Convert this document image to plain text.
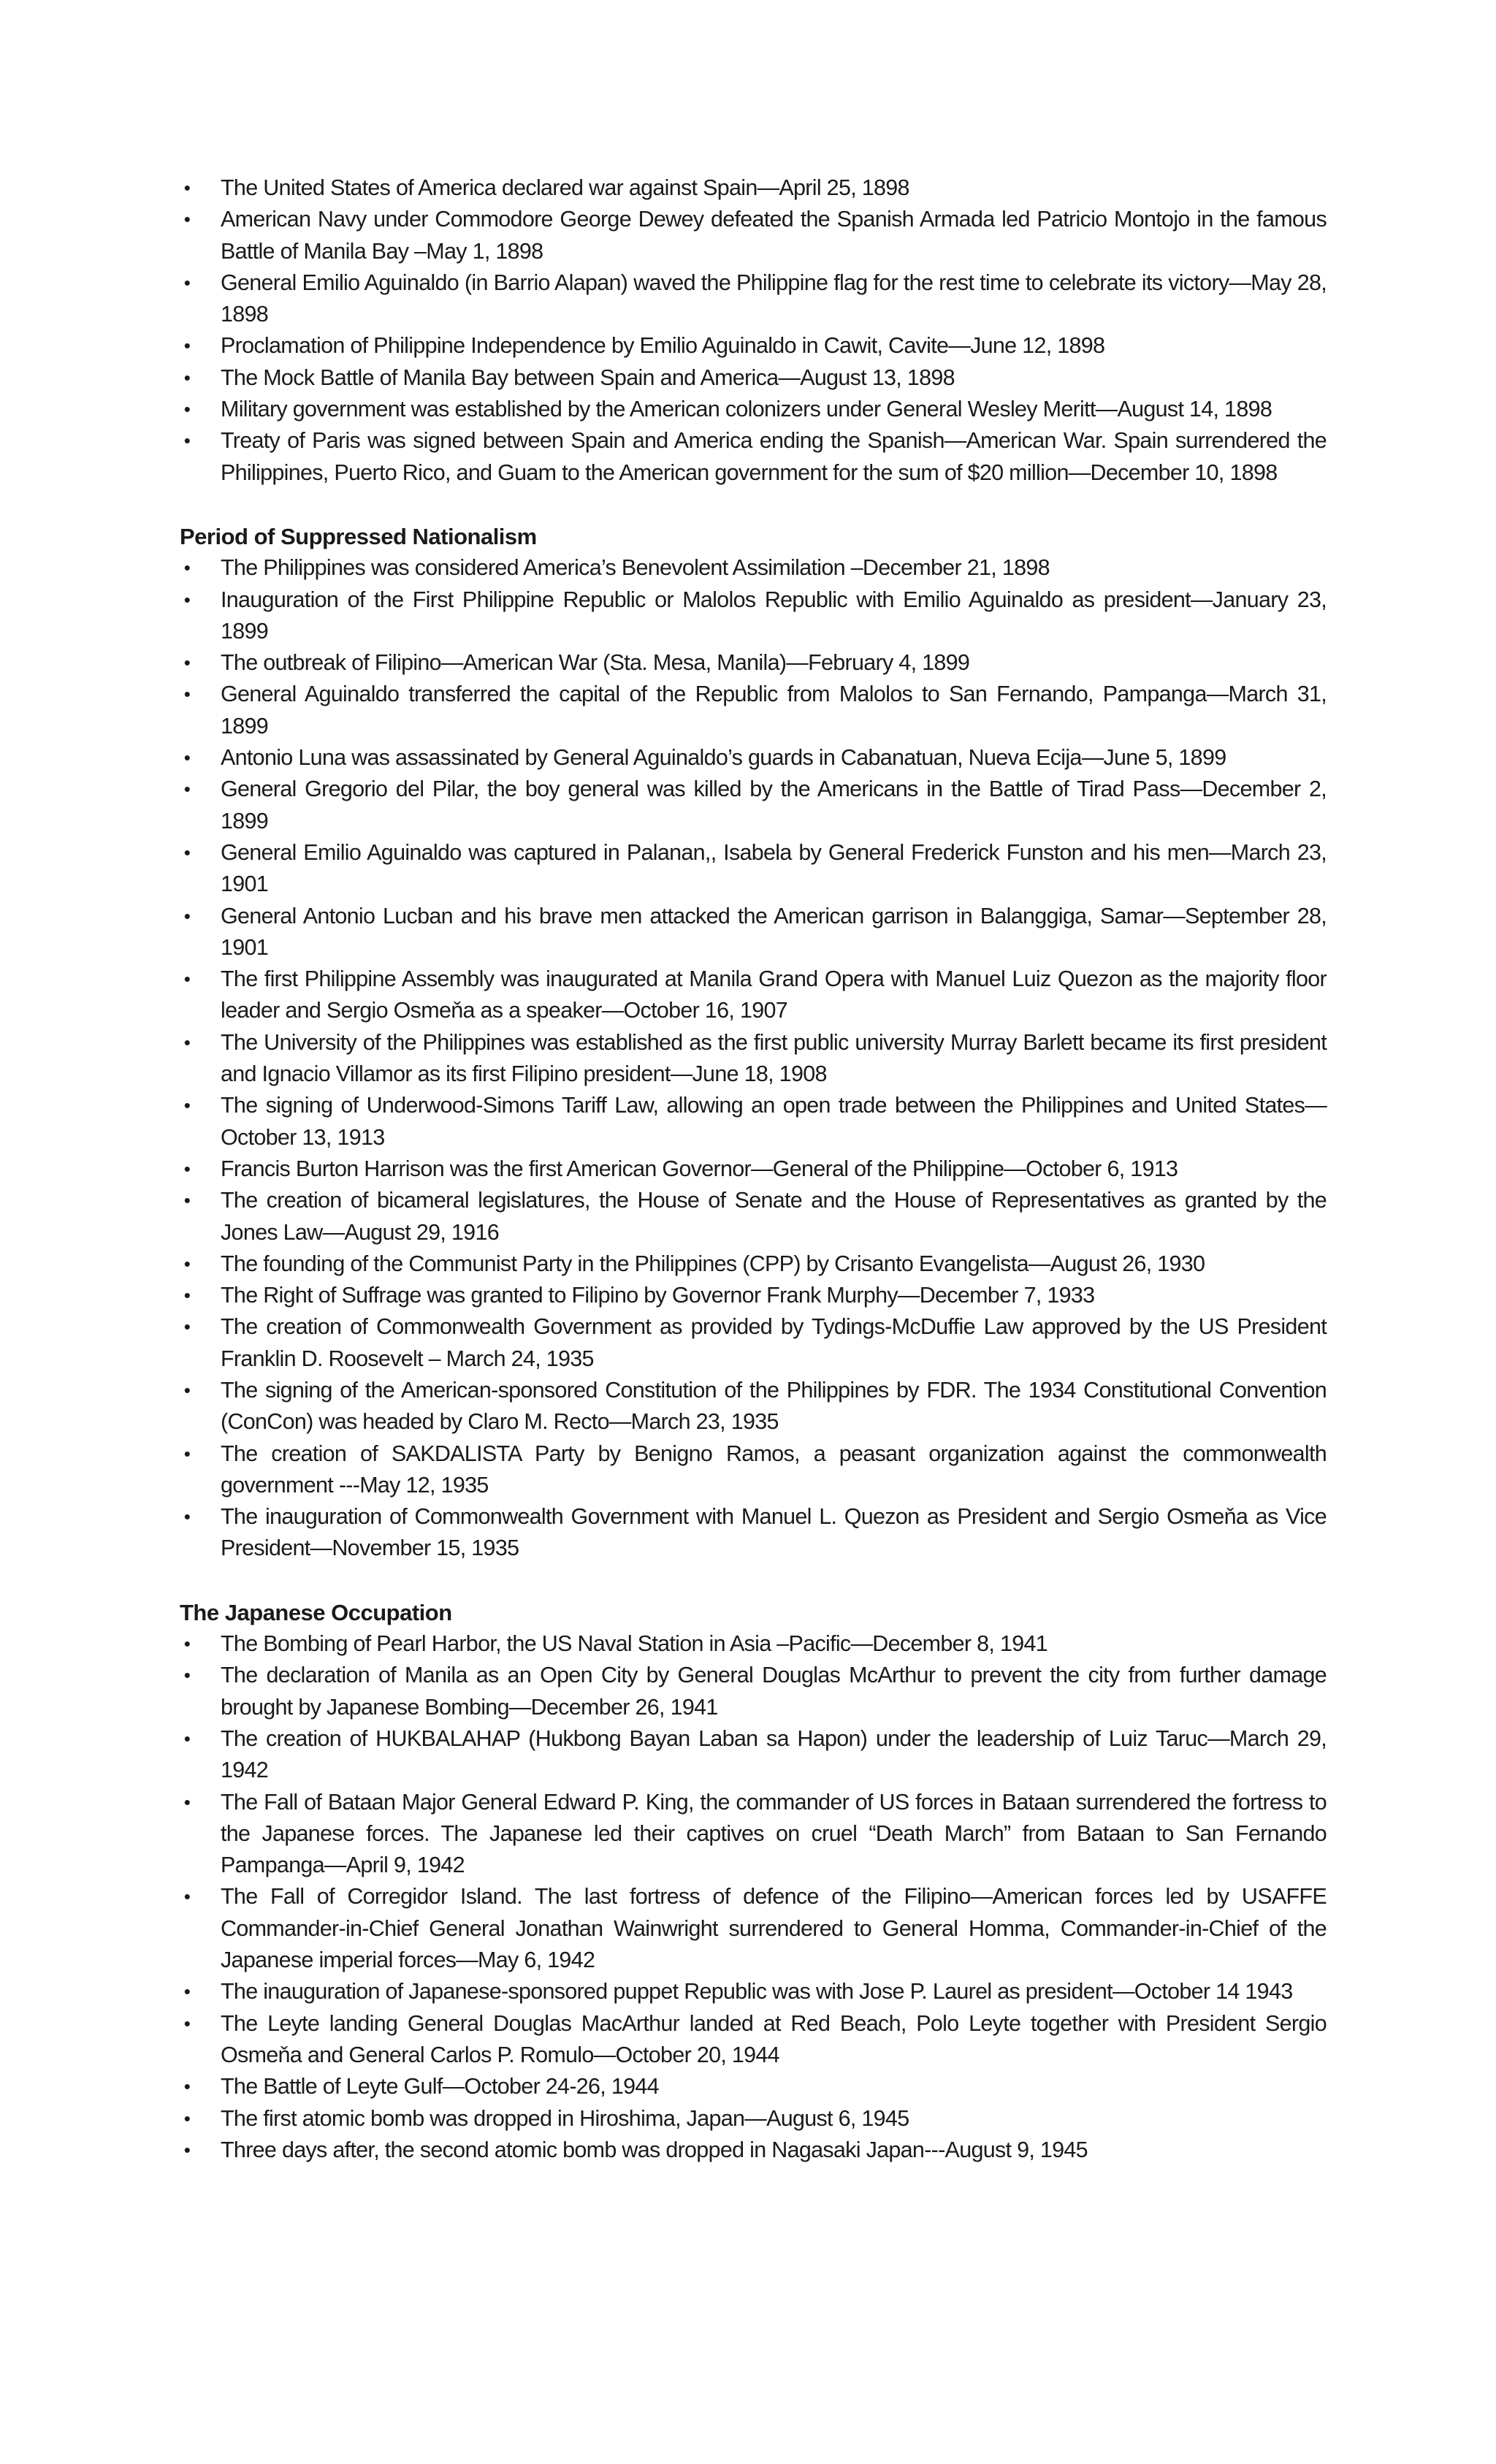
• The United States of America declared war against Spain—April 25, 1898
• American Navy under Commodore George Dewey defeated the Spanish Armada led Patricio Montojo in the famous Battle of Manila Bay –May 1, 1898
• General Emilio Aguinaldo (in Barrio Alapan) waved the Philippine flag for the rest time to celebrate its victory—May 28, 1898
• Proclamation of Philippine Independence by Emilio Aguinaldo in Cawit, Cavite—June 12, 1898
• The Mock Battle of Manila Bay between Spain and America—August 13, 1898
• Military government was established by the American colonizers under General Wesley Meritt—August 14, 1898
• Treaty of Paris was signed between Spain and America ending the Spanish—American War. Spain surrendered the Philippines, Puerto Rico, and Guam to the American government for the sum of $20 million—December 10, 1898
Period of Suppressed Nationalism
• The Philippines was considered America’s Benevolent Assimilation –December 21, 1898
• Inauguration of the First Philippine Republic or Malolos Republic with Emilio Aguinaldo as president—January 23, 1899
• The outbreak of Filipino—American War (Sta. Mesa, Manila)—February 4, 1899
• General Aguinaldo transferred the capital of the Republic from Malolos to San Fernando, Pampanga—March 31, 1899
• Antonio Luna was assassinated by General Aguinaldo’s guards in Cabanatuan, Nueva Ecija—June 5, 1899
• General Gregorio del Pilar, the boy general was killed by the Americans in the Battle of Tirad Pass—December 2, 1899
• General Emilio Aguinaldo was captured in Palanan,, Isabela by General Frederick Funston and his men—March 23, 1901
• General Antonio Lucban and his brave men attacked the American garrison in Balanggiga, Samar—September 28, 1901
• The first Philippine Assembly was inaugurated at Manila Grand Opera with Manuel Luiz Quezon as the majority floor leader and Sergio Osmeňa as a speaker—October 16, 1907
• The University of the Philippines was established as the first public university Murray Barlett became its first president and Ignacio Villamor as its first Filipino president—June 18, 1908
• The signing of Underwood-Simons Tariff Law, allowing an open trade between the Philippines and United States—October 13, 1913
• Francis Burton Harrison was the first American Governor—General of the Philippine—October 6, 1913
• The creation of bicameral legislatures, the House of Senate and the House of Representatives as granted by the Jones Law—August 29, 1916
• The founding of the Communist Party in the Philippines (CPP) by Crisanto Evangelista—August 26, 1930
• The Right of Suffrage was granted to Filipino by Governor Frank Murphy—December 7, 1933
• The creation of Commonwealth Government as provided by Tydings-McDuffie Law approved by the US President Franklin D. Roosevelt – March 24, 1935
• The signing of the American-sponsored Constitution of the Philippines by FDR. The 1934 Constitutional Convention (ConCon) was headed by Claro M. Recto—March 23, 1935
• The creation of SAKDALISTA Party by Benigno Ramos, a peasant organization against the commonwealth government ---May 12, 1935
• The inauguration of Commonwealth Government with Manuel L. Quezon as President and Sergio Osmeňa as Vice President—November 15, 1935
The Japanese Occupation
• The Bombing of Pearl Harbor, the US Naval Station in Asia –Pacific—December 8, 1941
• The declaration of Manila as an Open City by General Douglas McArthur to prevent the city from further damage brought by Japanese Bombing—December 26, 1941
• The creation of HUKBALAHAP (Hukbong Bayan Laban sa Hapon) under the leadership of Luiz Taruc—March 29, 1942
• The Fall of Bataan Major General Edward P. King, the commander of US forces in Bataan surrendered the fortress to the Japanese forces. The Japanese led their captives on cruel “Death March” from Bataan to San Fernando Pampanga—April 9, 1942
• The Fall of Corregidor Island. The last fortress of defence of the Filipino—American forces led by USAFFE Commander-in-Chief General Jonathan Wainwright surrendered to General Homma, Commander-in-Chief of the Japanese imperial forces—May 6, 1942
• The inauguration of Japanese-sponsored puppet Republic was with Jose P. Laurel as president—October 14 1943
• The Leyte landing General Douglas MacArthur landed at Red Beach, Polo Leyte together with President Sergio Osmeňa and General Carlos P. Romulo—October 20, 1944
• The Battle of Leyte Gulf—October 24-26, 1944
• The first atomic bomb was dropped in Hiroshima, Japan—August 6, 1945
• Three days after, the second atomic bomb was dropped in Nagasaki Japan---August 9, 1945
